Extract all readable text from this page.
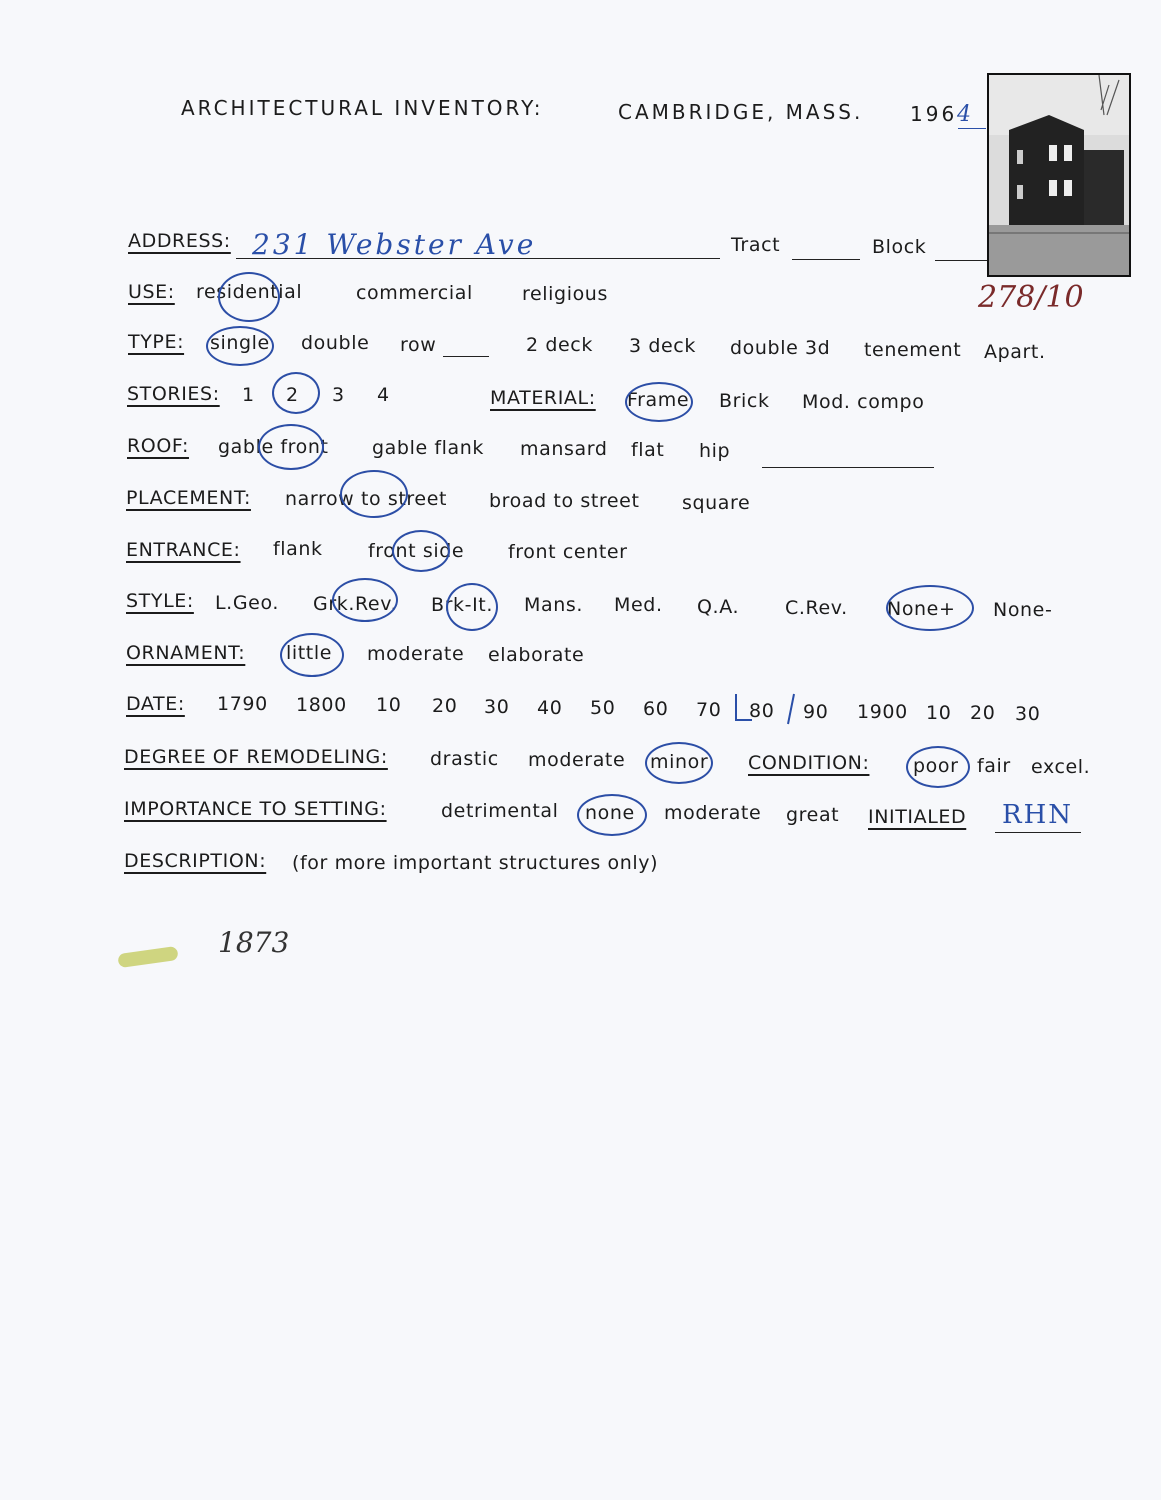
ARCHITECTURAL INVENTORY:	CAMBRIDGE, MASS. 196 4
ADDRESS: 231 Webster Ave	Tract	Block
278/10
USE: residential	commercial	religious
TYPE: single double row	2 deck 3 deck double 3d tenement Apart.
STORIES: 1 2 3 4	MATERIAL: Frame Brick Mod. compo
ROOF: gable front gable flank mansard flat hip
PLACEMENT: narrow to street broad to street square
ENTRANCE: flank front side front center
STYLE: L.Geo. Grk.Rev. Brk-It. Mans. Med. Q.A. C.Rev. None+ None-
ORNAMENT: little moderate elaborate
DATE: 1790 1800 10 20 30 40 50 60 70 80 90 1900 10 20 30
DEGREE OF REMODELING: drastic moderate minor CONDITION: poor fair excel.
IMPORTANCE TO SETTING:	detrimental none moderate great INITIALED RHN
DESCRIPTION: (for more important structures only)
1873
